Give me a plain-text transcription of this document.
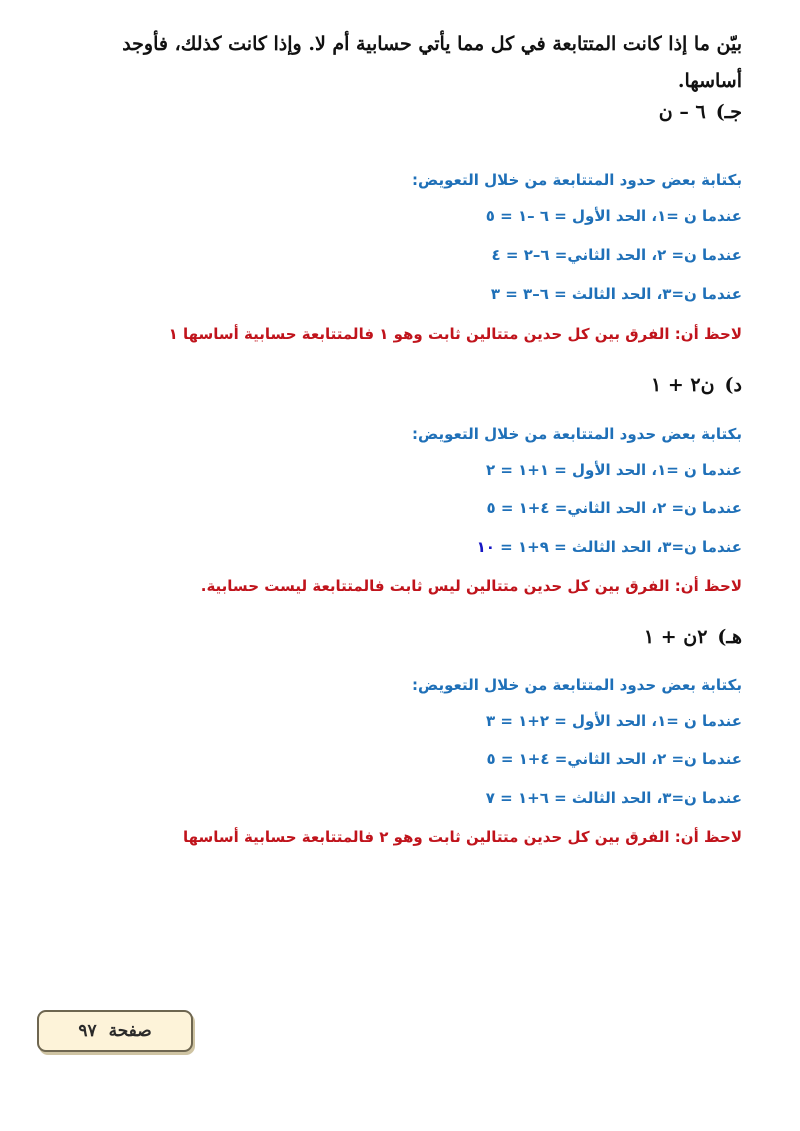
بيّن ما إذا كانت المتتابعة في كل مما يأتي حسابية أم لا. وإذا كانت كذلك، فأوجد
أساسها.
جـ)٦ – ن
بكتابة بعض حدود المتتابعة من خلال التعويض:
عندما ن =١، الحد الأول = ٦ –١ = ٥
عندما ن= ٢، الحد الثاني= ٦–٢ = ٤
عندما ن=٣، الحد الثالث = ٦–٣ = ٣
لاحظ أن: الفرق بين كل حدين متتالين ثابت وهو ١ فالمتتابعة حسابية أساسها ١
د)ن٢ + ١
بكتابة بعض حدود المتتابعة من خلال التعويض:
عندما ن =١، الحد الأول = ١+١ = ٢
عندما ن= ٢، الحد الثاني= ٤+١ = ٥
عندما ن=٣، الحد الثالث = ٩+١ = ١٠
لاحظ أن: الفرق بين كل حدين متتالين ليس ثابت فالمتتابعة ليست حسابية.
هـ)٢ن + ١
بكتابة بعض حدود المتتابعة من خلال التعويض:
عندما ن =١، الحد الأول = ٢+١ = ٣
عندما ن= ٢، الحد الثاني= ٤+١ = ٥
عندما ن=٣، الحد الثالث = ٦+١ = ٧
لاحظ أن: الفرق بين كل حدين متتالين ثابت وهو ٢ فالمتتابعة حسابية أساسها
صفحة
٩٧
